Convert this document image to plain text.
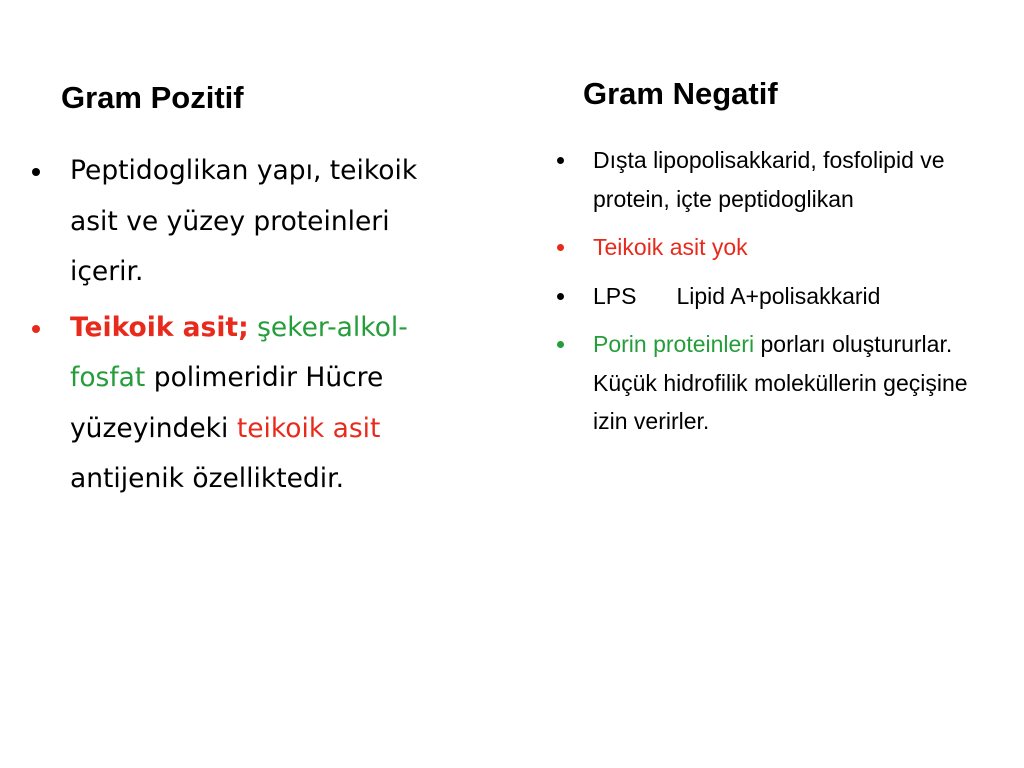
Gram Pozitif	Gram Negatif
Peptidoglikan yapı, teikoik asit ve yüzey proteinleri içerir.
Teikoik asit; şeker-alkol-fosfat polimeridir Hücre yüzeyindeki teikoik asit antijenik özelliktedir.
Dışta lipopolisakkarid, fosfolipid ve protein, içte peptidoglikan
Teikoik asit yok
LPS Lipid A+polisakkarid
Porin proteinleri porları oluştururlar. Küçük hidrofilik moleküllerin geçişine izin verirler.
